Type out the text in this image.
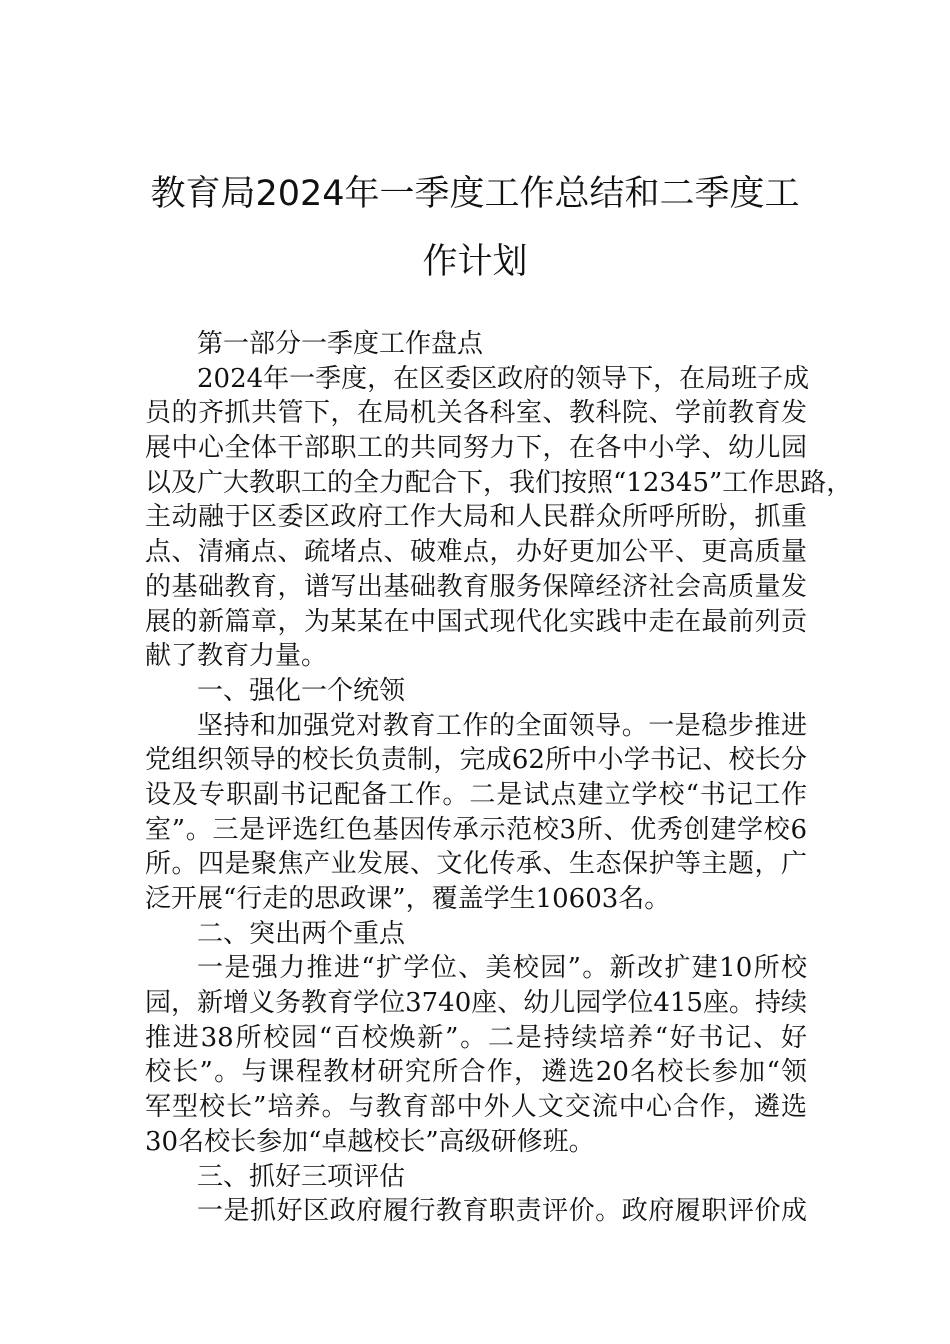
教育局2024年一季度工作总结和二季度工
作计划
第一部分一季度工作盘点
2024年一季度，在区委区政府的领导下，在局班子成
员的齐抓共管下，在局机关各科室、教科院、学前教育发
展中心全体干部职工的共同努力下，在各中小学、幼儿园
以及广大教职工的全力配合下，我们按照“12345”工作思路，
主动融于区委区政府工作大局和人民群众所呼所盼，抓重
点、清痛点、疏堵点、破难点，办好更加公平、更高质量
的基础教育，谱写出基础教育服务保障经济社会高质量发
展的新篇章，为某某在中国式现代化实践中走在最前列贡
献了教育力量。
一、强化一个统领
坚持和加强党对教育工作的全面领导。一是稳步推进
党组织领导的校长负责制，完成62所中小学书记、校长分
设及专职副书记配备工作。二是试点建立学校“书记工作
室”。三是评选红色基因传承示范校3所、优秀创建学校6
所。四是聚焦产业发展、文化传承、生态保护等主题，广
泛开展“行走的思政课”，覆盖学生10603名。
二、突出两个重点
一是强力推进“扩学位、美校园”。新改扩建10所校
园，新增义务教育学位3740座、幼儿园学位415座。持续
推进38所校园“百校焕新”。二是持续培养“好书记、好
校长”。与课程教材研究所合作，遴选20名校长参加“领
军型校长”培养。与教育部中外人文交流中心合作，遴选
30名校长参加“卓越校长”高级研修班。
三、抓好三项评估
一是抓好区政府履行教育职责评价。政府履职评价成
